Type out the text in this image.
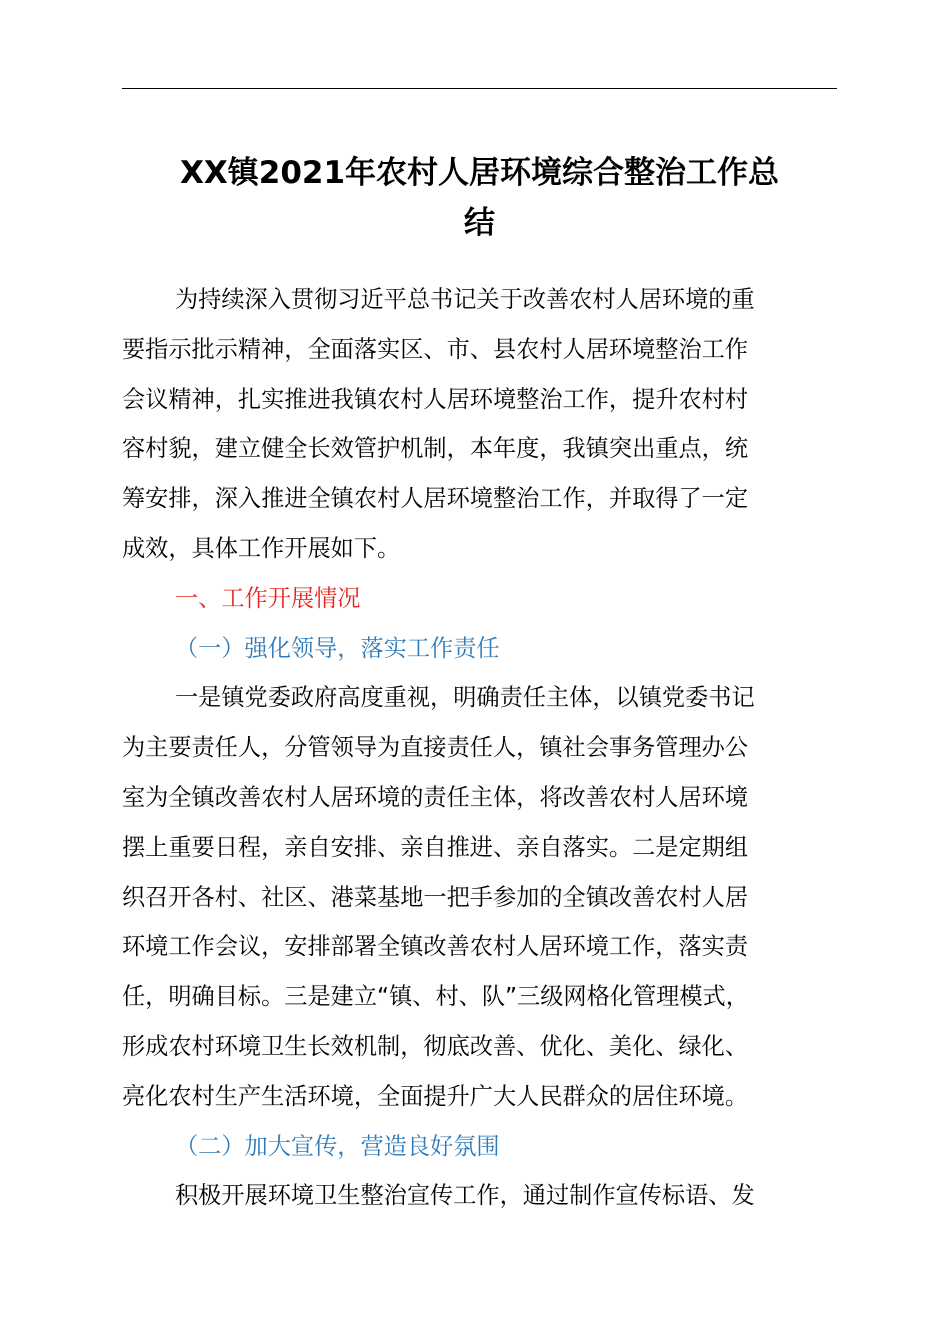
XX镇2021年农村人居环境综合整治工作总
结
为持续深入贯彻习近平总书记关于改善农村人居环境的重
要指示批示精神，全面落实区、市、县农村人居环境整治工作
会议精神，扎实推进我镇农村人居环境整治工作，提升农村村
容村貌，建立健全长效管护机制，本年度，我镇突出重点，统
筹安排，深入推进全镇农村人居环境整治工作，并取得了一定
成效，具体工作开展如下。
一、工作开展情况
（一）强化领导，落实工作责任
一是镇党委政府高度重视，明确责任主体，以镇党委书记
为主要责任人，分管领导为直接责任人，镇社会事务管理办公
室为全镇改善农村人居环境的责任主体，将改善农村人居环境
摆上重要日程，亲自安排、亲自推进、亲自落实。二是定期组
织召开各村、社区、港菜基地一把手参加的全镇改善农村人居
环境工作会议，安排部署全镇改善农村人居环境工作，落实责
任，明确目标。三是建立“镇、村、队”三级网格化管理模式，
形成农村环境卫生长效机制，彻底改善、优化、美化、绿化、
亮化农村生产生活环境，全面提升广大人民群众的居住环境。
（二）加大宣传，营造良好氛围
积极开展环境卫生整治宣传工作，通过制作宣传标语、发
